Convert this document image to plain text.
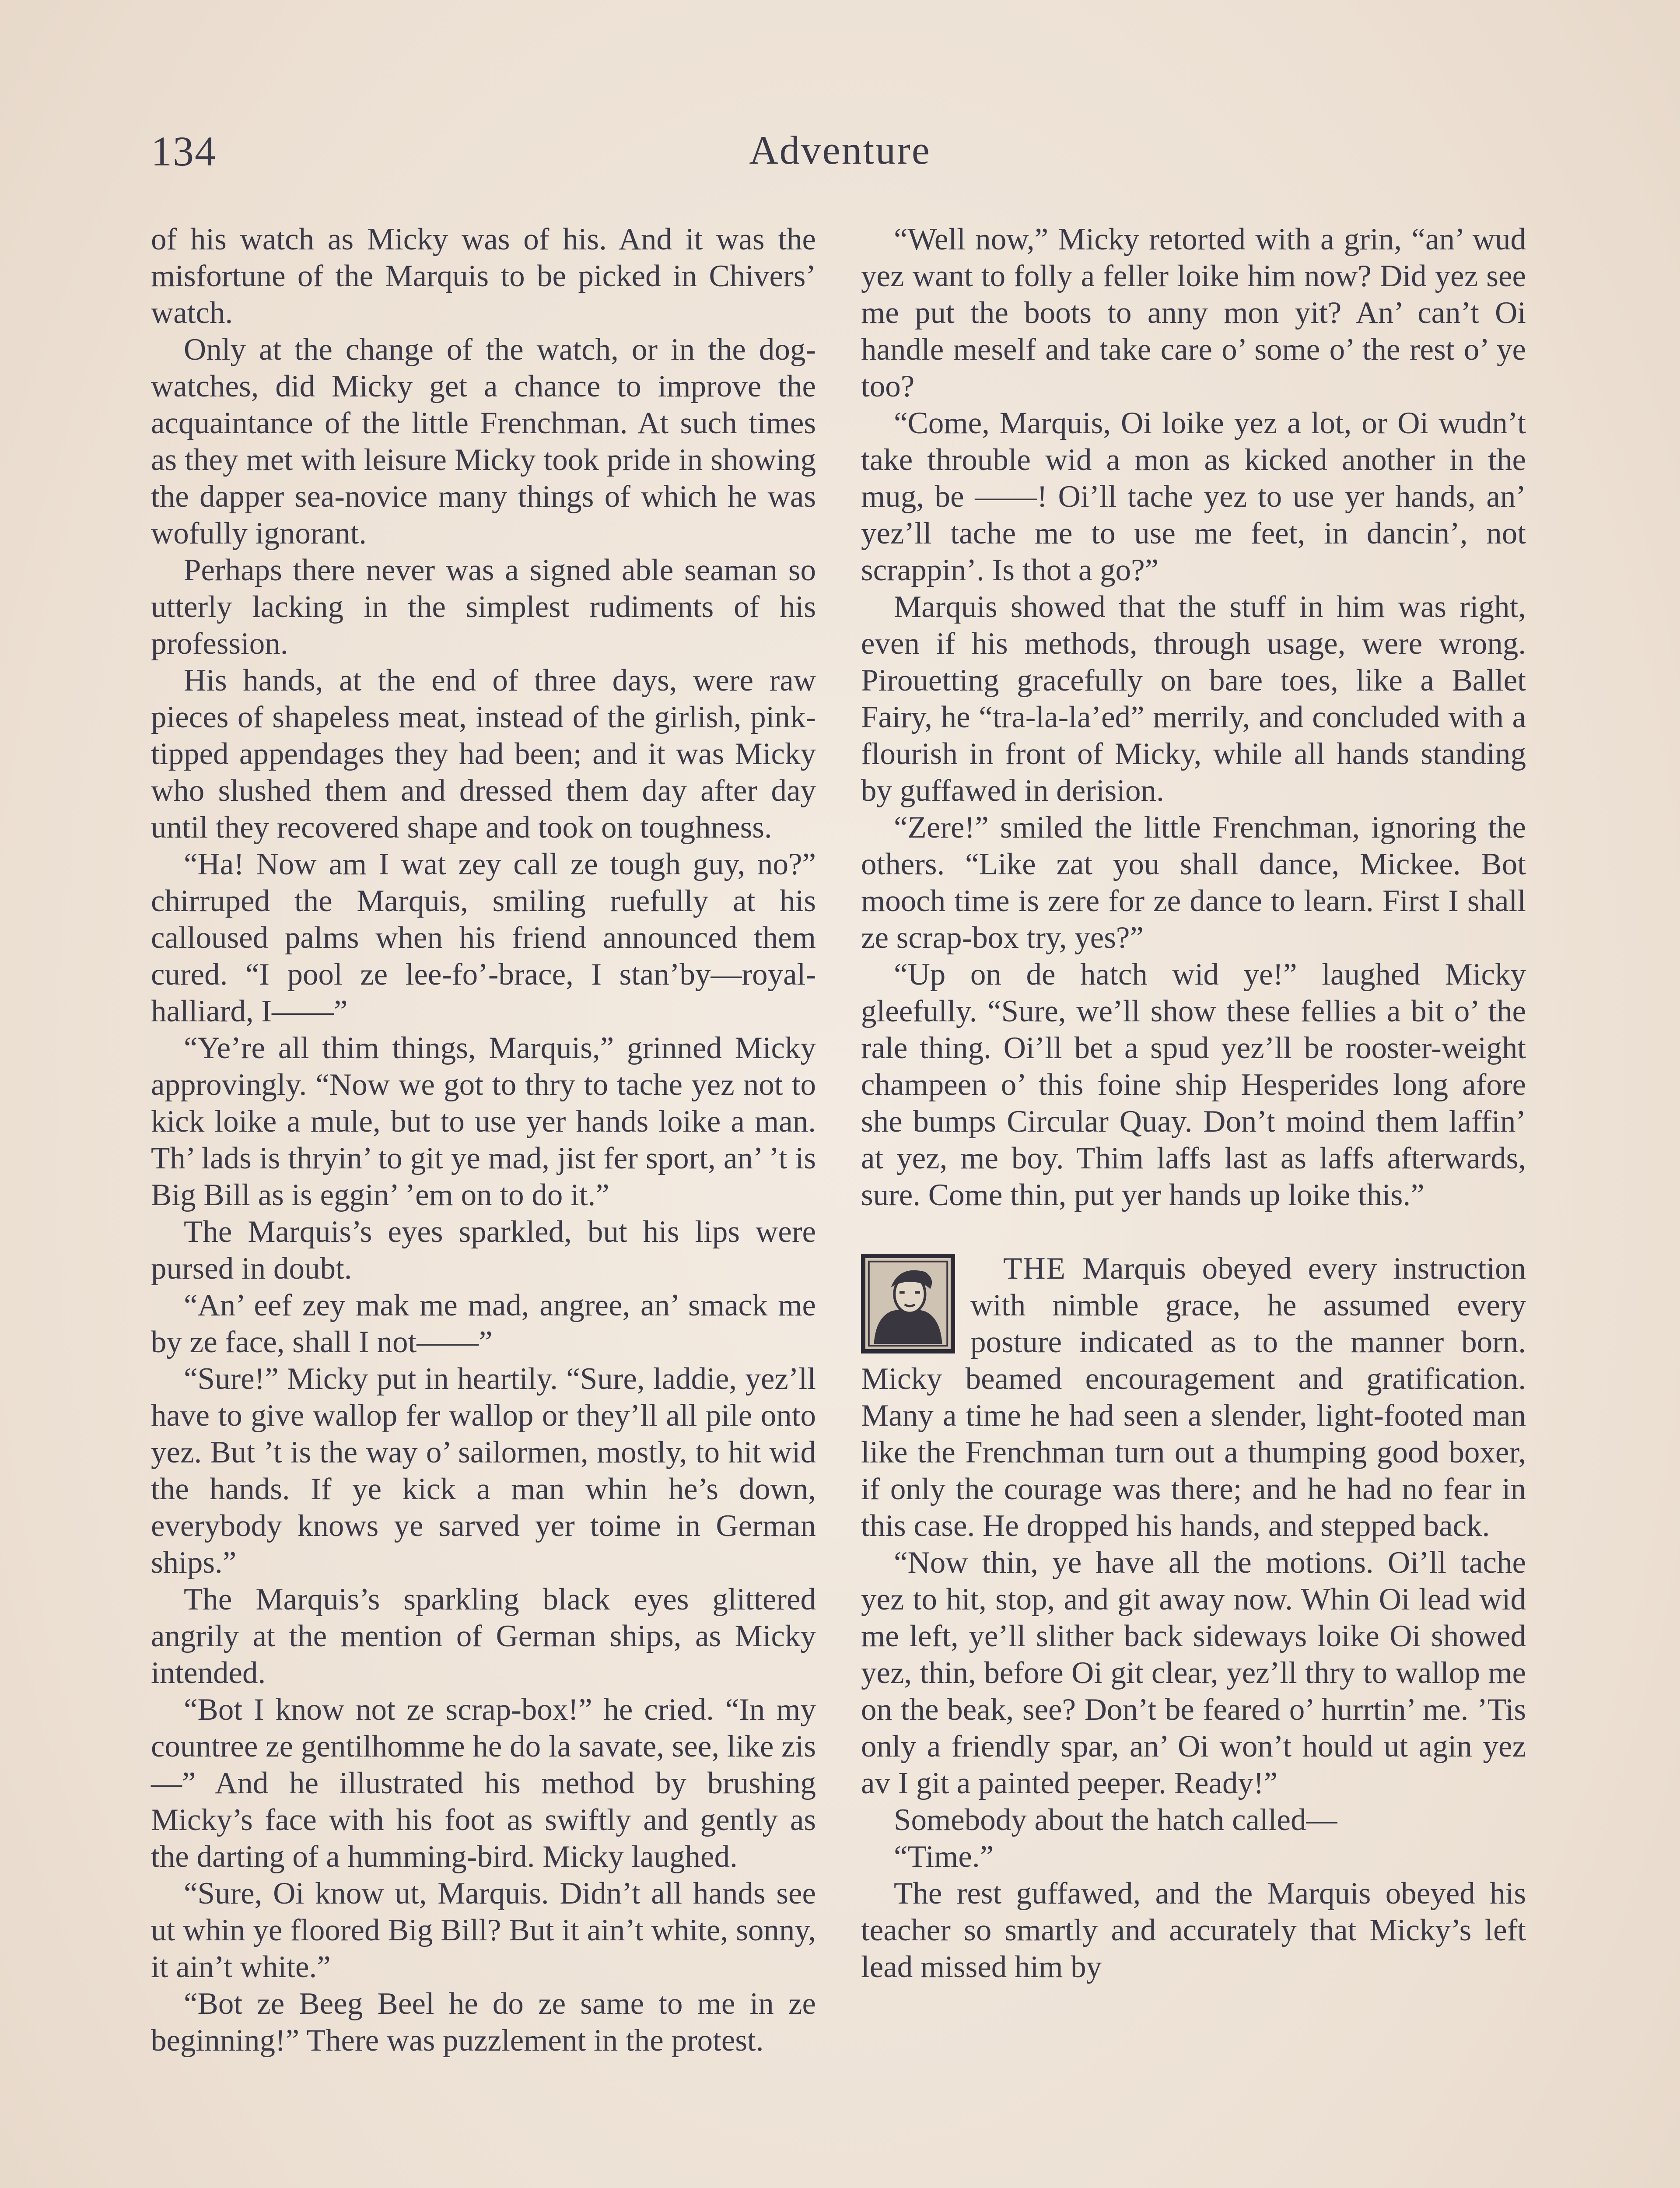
134	Adventure

of his watch as Micky was of his. And it was the misfortune of the Marquis to be picked in Chivers’ watch.

Only at the change of the watch, or in the dog-watches, did Micky get a chance to improve the acquaintance of the little Frenchman. At such times as they met with leisure Micky took pride in showing the dapper sea-novice many things of which he was wofully ignorant.

Perhaps there never was a signed able seaman so utterly lacking in the simplest rudiments of his profession.

His hands, at the end of three days, were raw pieces of shapeless meat, instead of the girlish, pink-tipped appendages they had been; and it was Micky who slushed them and dressed them day after day until they recovered shape and took on toughness.

“Ha! Now am I wat zey call ze tough guy, no?” chirruped the Marquis, smiling ruefully at his calloused palms when his friend announced them cured. “I pool ze lee-fo’-brace, I stan’by—royal-halliard, I——”

“Ye’re all thim things, Marquis,” grinned Micky approvingly. “Now we got to thry to tache yez not to kick loike a mule, but to use yer hands loike a man. Th’ lads is thryin’ to git ye mad, jist fer sport, an’ ’t is Big Bill as is eggin’ ’em on to do it.”

The Marquis’s eyes sparkled, but his lips were pursed in doubt.

“An’ eef zey mak me mad, angree, an’ smack me by ze face, shall I not——”

“Sure!” Micky put in heartily. “Sure, laddie, yez’ll have to give wallop fer wallop or they’ll all pile onto yez. But ’t is the way o’ sailormen, mostly, to hit wid the hands. If ye kick a man whin he’s down, everybody knows ye sarved yer toime in German ships.”

The Marquis’s sparkling black eyes glittered angrily at the mention of German ships, as Micky intended.

“Bot I know not ze scrap-box!” he cried. “In my countree ze gentilhomme he do la savate, see, like zis—” And he illustrated his method by brushing Micky’s face with his foot as swiftly and gently as the darting of a humming-bird. Micky laughed.

“Sure, Oi know ut, Marquis. Didn’t all hands see ut whin ye floored Big Bill? But it ain’t white, sonny, it ain’t white.”

“Bot ze Beeg Beel he do ze same to me in ze beginning!” There was puzzlement in the protest.

“Well now,” Micky retorted with a grin, “an’ wud yez want to folly a feller loike him now? Did yez see me put the boots to anny mon yit? An’ can’t Oi handle meself and take care o’ some o’ the rest o’ ye too?

“Come, Marquis, Oi loike yez a lot, or Oi wudn’t take throuble wid a mon as kicked another in the mug, be ——! Oi’ll tache yez to use yer hands, an’ yez’ll tache me to use me feet, in dancin’, not scrappin’. Is thot a go?”

Marquis showed that the stuff in him was right, even if his methods, through usage, were wrong. Pirouetting gracefully on bare toes, like a Ballet Fairy, he “tra-la-la’ed” merrily, and concluded with a flourish in front of Micky, while all hands standing by guffawed in derision.

“Zere!” smiled the little Frenchman, ignoring the others. “Like zat you shall dance, Mickee. Bot mooch time is zere for ze dance to learn. First I shall ze scrap-box try, yes?”

“Up on de hatch wid ye!” laughed Micky gleefully. “Sure, we’ll show these fellies a bit o’ the rale thing. Oi’ll bet a spud yez’ll be rooster-weight champeen o’ this foine ship Hesperides long afore she bumps Circular Quay. Don’t moind them laffin’ at yez, me boy. Thim laffs last as laffs afterwards, sure. Come thin, put yer hands up loike this.”

THE Marquis obeyed every instruction with nimble grace, he assumed every posture indicated as to the manner born. Micky beamed encouragement and gratification. Many a time he had seen a slender, light-footed man like the Frenchman turn out a thumping good boxer, if only the courage was there; and he had no fear in this case. He dropped his hands, and stepped back.

“Now thin, ye have all the motions. Oi’ll tache yez to hit, stop, and git away now. Whin Oi lead wid me left, ye’ll slither back sideways loike Oi showed yez, thin, before Oi git clear, yez’ll thry to wallop me on the beak, see? Don’t be feared o’ hurrtin’ me. ’Tis only a friendly spar, an’ Oi won’t hould ut agin yez av I git a painted peeper. Ready!”

Somebody about the hatch called—

“Time.”

The rest guffawed, and the Marquis obeyed his teacher so smartly and accurately that Micky’s left lead missed him by
